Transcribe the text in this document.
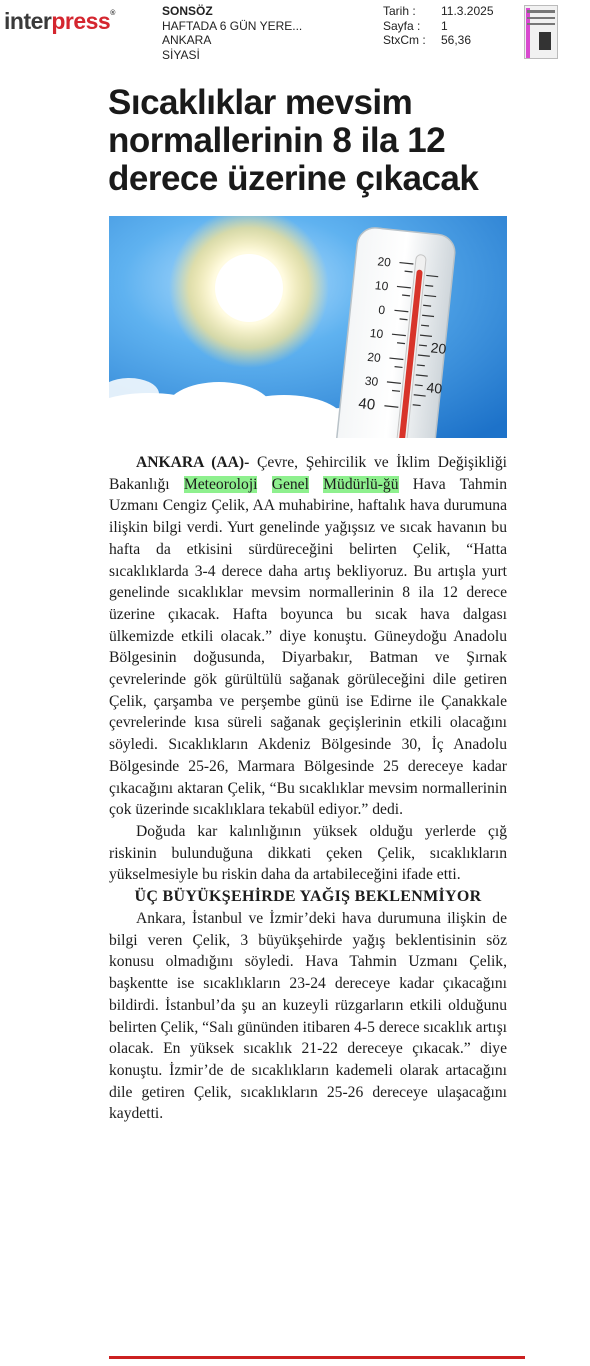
interpress®	SONSÖZ
HAFTADA 6 GÜN YERE...
ANKARA
SİYASİ
Tarih :	11.3.2025
Sayfa :	1
StxCm :	56,36
Sıcaklıklar mevsim normallerinin 8 ila 12 derece üzerine çıkacak
20
10
0
10
20
30
40
20
40

ANKARA (AA)- Çevre, Şehircilik ve İklim Değişikliği Bakanlığı Meteoroloji Genel Müdürlü-ğü Hava Tahmin Uzmanı Cengiz Çelik, AA muhabirine, haftalık hava durumuna ilişkin bilgi verdi. Yurt genelinde yağışsız ve sıcak havanın bu hafta da etkisini sürdüreceğini belirten Çelik, “Hatta sıcaklıklarda 3-4 derece daha artış bekliyoruz. Bu artışla yurt genelinde sıcaklıklar mevsim normallerinin 8 ila 12 derece üzerine çıkacak. Hafta boyunca bu sıcak hava dalgası ülkemizde etkili olacak.” diye konuştu. Güneydoğu Anadolu Bölgesinin doğusunda, Diyarbakır, Batman ve Şırnak çevrelerinde gök gürültülü sağanak görüleceğini dile getiren Çelik, çarşamba ve perşembe günü ise Edirne ile Çanakkale çevrelerinde kısa süreli sağanak geçişlerinin etkili olacağını söyledi. Sıcaklıkların Akdeniz Bölgesinde 30, İç Anadolu Bölgesinde 25-26, Marmara Bölgesinde 25 dereceye kadar çıkacağını aktaran Çelik, “Bu sıcaklıklar mevsim normallerinin çok üzerinde sıcaklıklara tekabül ediyor.” dedi.

Doğuda kar kalınlığının yüksek olduğu yerlerde çığ riskinin bulunduğuna dikkati çeken Çelik, sıcaklıkların yükselmesiyle bu riskin daha da artabileceğini ifade etti.

ÜÇ BÜYÜKŞEHİRDE YAĞIŞ BEKLENMİYOR

Ankara, İstanbul ve İzmir’deki hava durumuna ilişkin de bilgi veren Çelik, 3 büyükşehirde yağış beklentisinin söz konusu olmadığını söyledi. Hava Tahmin Uzmanı Çelik, başkentte ise sıcaklıkların 23-24 dereceye kadar çıkacağını bildirdi. İstanbul’da şu an kuzeyli rüzgarların etkili olduğunu belirten Çelik, “Salı gününden itibaren 4-5 derece sıcaklık artışı olacak. En yüksek sıcaklık 21-22 dereceye çıkacak.” diye konuştu. İzmir’de de sıcaklıkların kademeli olarak artacağını dile getiren Çelik, sıcaklıkların 25-26 dereceye ulaşacağını kaydetti.
